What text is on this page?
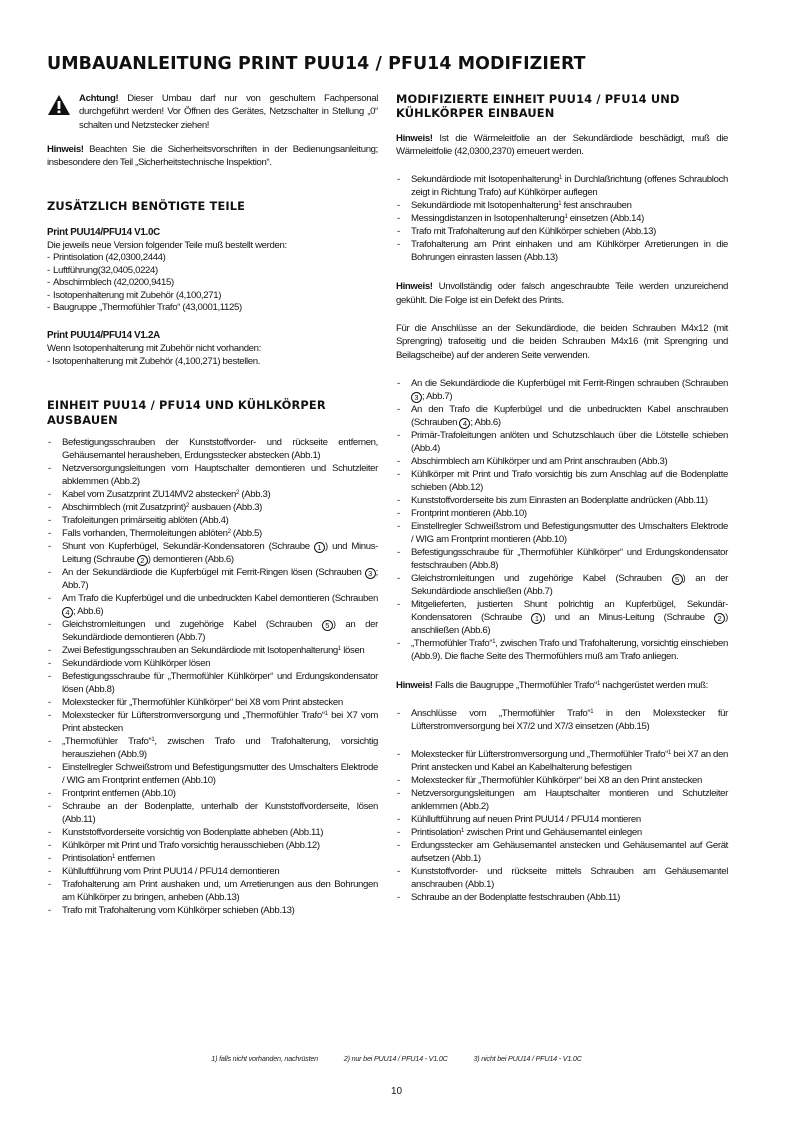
UMBAUANLEITUNG PRINT PUU14 / PFU14 MODIFIZIERT

Achtung! Dieser Umbau darf nur von geschultem Fachpersonal durchgeführt werden! Vor Öffnen des Gerätes, Netzschalter in Stellung „0“ schalten und Netzstecker ziehen!

Hinweis! Beachten Sie die Sicherheitsvorschriften in der Bedienungsanleitung; insbesondere den Teil „Sicherheitstechnische Inspektion“.

ZUSÄTZLICH BENÖTIGTE TEILE
Print PUU14/PFU14 V1.0C

Die jeweils neue Version folgender Teile muß bestellt werden:

- Printisolation (42,0300,2444)
- Luftführung(32,0405,0224)
- Abschirmblech (42,0200,9415)
- Isotopenhalterung mit Zubehör (4,100,271)
- Baugruppe „Thermofühler Trafo“ (43,0001,1125)
Print PUU14/PFU14 V1.2A

Wenn Isotopenhalterung mit Zubehör nicht vorhanden:

- Isotopenhalterung mit Zubehör (4,100,271) bestellen.

EINHEIT PUU14 / PFU14 UND KÜHLKÖRPER
AUSBAUEN
- Befestigungsschrauben der Kunststoffvorder- und rückseite entfernen, Gehäusemantel herausheben, Erdungsstecker abstecken (Abb.1)
- Netzversorgungsleitungen vom Hauptschalter demontieren und Schutzleiter abklemmen (Abb.2)
- Kabel vom Zusatzprint ZU14MV2 abstecken$^2$ (Abb.3)
- Abschirmblech (mit Zusatzprint)$^2$ ausbauen (Abb.3)
- Trafoleitungen primärseitig ablöten (Abb.4)
- Falls vorhanden, Thermoleitungen ablöten$^2$ (Abb.5)
- Shunt von Kupferbügel, Sekundär-Kondensatoren (Schraube 1 ) und Minus-Leitung (Schraube 2 ) demontieren (Abb.6)
- An der Sekundärdiode die Kupferbügel mit Ferrit-Ringen lösen (Schrauben 3 ; Abb.7)
- Am Trafo die Kupferbügel und die unbedruckten Kabel demontieren (Schrauben 4 ; Abb.6)
- Gleichstromleitungen und zugehörige Kabel (Schrauben 5 ) an der Sekundärdiode demontieren (Abb.7)
- Zwei Befestigungsschrauben an Sekundärdiode mit Isotopenhalterung$^1$ lösen
- Sekundärdiode vom Kühlkörper lösen
- Befestigungsschraube für „Thermofühler Kühlkörper“ und Erdungskondensator lösen (Abb.8)
- Molexstecker für „Thermofühler Kühlkörper“ bei X8 vom Print abstecken
- Molexstecker für Lüfterstromversorgung und „Thermofühler Trafo“$^1$ bei X7 vom Print abstecken
- „Thermofühler Trafo“$^1$, zwischen Trafo und Trafohalterung, vorsichtig herausziehen (Abb.9)
- Einstellregler Schweißstrom und Befestigungsmutter des Umschalters Elektrode / WIG am Frontprint entfernen (Abb.10)
- Frontprint entfernen (Abb.10)
- Schraube an der Bodenplatte, unterhalb der Kunststoffvorderseite, lösen (Abb.11)
- Kunststoffvorderseite vorsichtig von Bodenplatte abheben (Abb.11)
- Kühlkörper mit Print und Trafo vorsichtig herausschieben (Abb.12)
- Printisolation$^1$ entfernen
- Kühlluftführung vom Print PUU14 / PFU14 demontieren
- Trafohalterung am Print aushaken und, um Arretierungen aus den Bohrungen am Kühlkörper zu bringen, anheben (Abb.13)
- Trafo mit Trafohalterung vom Kühlkörper schieben (Abb.13)
MODIFIZIERTE EINHEIT PUU14 / PFU14 UND
KÜHLKÖRPER EINBAUEN

Hinweis! Ist die Wärmeleitfolie an der Sekundärdiode beschädigt, muß die Wärmeleitfolie (42,0300,2370) erneuert werden.

- Sekundärdiode mit Isotopenhalterung$^1$ in Durchlaßrichtung (offenes Schraubloch zeigt in Richtung Trafo) auf Kühlkörper auflegen
- Sekundärdiode mit Isotopenhalterung$^1$ fest anschrauben
- Messingdistanzen in Isotopenhalterung$^1$ einsetzen (Abb.14)
- Trafo mit Trafohalterung auf den Kühlkörper schieben (Abb.13)
- Trafohalterung am Print einhaken und am Kühlkörper Arretierungen in die Bohrungen einrasten lassen (Abb.13)

Hinweis! Unvollständig oder falsch angeschraubte Teile werden unzureichend gekühlt. Die Folge ist ein Defekt des Prints.

Für die Anschlüsse an der Sekundärdiode, die beiden Schrauben M4x12 (mit Sprengring) trafoseitig und die beiden Schrauben M4x16 (mit Sprengring und Beilagscheibe) auf der anderen Seite verwenden.

- An die Sekundärdiode die Kupferbügel mit Ferrit-Ringen schrauben (Schrauben 3 ; Abb.7)
- An den Trafo die Kupferbügel und die unbedruckten Kabel anschrauben (Schrauben 4 ; Abb.6)
- Primär-Trafoleitungen anlöten und Schutzschlauch über die Lötstelle schieben (Abb.4)
- Abschirmblech am Kühlkörper und am Print anschrauben (Abb.3)
- Kühlkörper mit Print und Trafo vorsichtig bis zum Anschlag auf die Bodenplatte schieben (Abb.12)
- Kunststoffvorderseite bis zum Einrasten an Bodenplatte andrücken (Abb.11)
- Frontprint montieren (Abb.10)
- Einstellregler Schweißstrom und Befestigungsmutter des Umschalters Elektrode / WIG am Frontprint montieren (Abb.10)
- Befestigungsschraube für „Thermofühler Kühlkörper“ und Erdungskondensator festschrauben (Abb.8)
- Gleichstromleitungen und zugehörige Kabel (Schrauben 5 ) an der Sekundärdiode anschließen (Abb.7)
- Mitgelieferten, justierten Shunt polrichtig an Kupferbügel, Sekundär-Kondensatoren (Schraube 1 ) und an Minus-Leitung (Schraube 2 ) anschließen (Abb.6)
- „Thermofühler Trafo“$^1$, zwischen Trafo und Trafohalterung, vorsichtig einschieben (Abb.9). Die flache Seite des Thermofühlers muß am Trafo anliegen.

Hinweis! Falls die Baugruppe „Thermofühler Trafo“$^1$ nachgerüstet werden muß:

- Anschlüsse vom „Thermofühler Trafo“$^1$ in den Molexstecker für Lüfterstromversorgung bei X7/2 und X7/3 einsetzen (Abb.15)
- Molexstecker für Lüfterstromversorgung und „Thermofühler Trafo“$^1$ bei X7 an den Print anstecken und Kabel an Kabelhalterung befestigen
- Molexstecker für „Thermofühler Kühlkörper“ bei X8 an den Print anstecken
- Netzversorgungsleitungen am Hauptschalter montieren und Schutzleiter anklemmen (Abb.2)
- Kühlluftführung auf neuen Print PUU14 / PFU14 montieren
- Printisolation$^1$ zwischen Print und Gehäusemantel einlegen
- Erdungsstecker am Gehäusemantel anstecken und Gehäusemantel auf Gerät aufsetzen (Abb.1)
- Kunststoffvorder- und rückseite mittels Schrauben am Gehäusemantel anschrauben (Abb.1)
- Schraube an der Bodenplatte festschrauben (Abb.11)
1) falls nicht vorhanden, nachrüsten	2) nur bei PUU14 / PFU14 - V1.0C	3) nicht bei PUU14 / PFU14 - V1.0C
10
